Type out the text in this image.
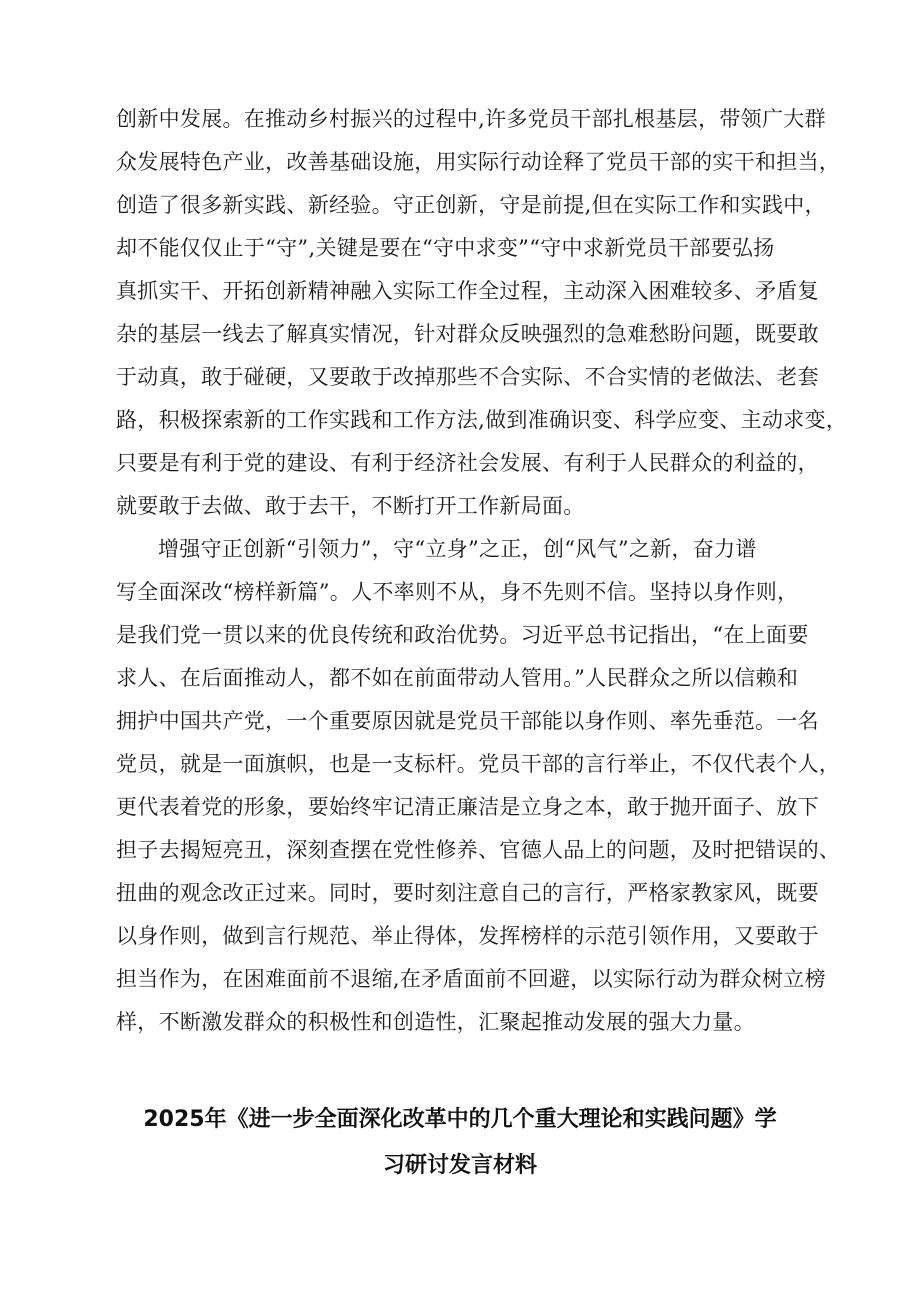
创新中发展。在推动乡村振兴的过程中,许多党员干部扎根基层，带领广大群
众发展特色产业，改善基础设施，用实际行动诠释了党员干部的实干和担当，
创造了很多新实践、新经验。守正创新，守是前提,但在实际工作和实践中，
却不能仅仅止于“守”,关键是要在“守中求变”“守中求新党员干部要弘扬
真抓实干、开拓创新精神融入实际工作全过程，主动深入困难较多、矛盾复
杂的基层一线去了解真实情况，针对群众反映强烈的急难愁盼问题，既要敢
于动真，敢于碰硬，又要敢于改掉那些不合实际、不合实情的老做法、老套
路，积极探索新的工作实践和工作方法,做到准确识变、科学应变、主动求变，
只要是有利于党的建设、有利于经济社会发展、有利于人民群众的利益的，
就要敢于去做、敢于去干，不断打开工作新局面。
增强守正创新“引领力”，守“立身”之正，创“风气”之新，奋力谱
写全面深改“榜样新篇”。人不率则不从，身不先则不信。坚持以身作则，
是我们党一贯以来的优良传统和政治优势。习近平总书记指出，“在上面要
求人、在后面推动人，都不如在前面带动人管用。”人民群众之所以信赖和
拥护中国共产党，一个重要原因就是党员干部能以身作则、率先垂范。一名
党员，就是一面旗帜，也是一支标杆。党员干部的言行举止，不仅代表个人，
更代表着党的形象，要始终牢记清正廉洁是立身之本，敢于抛开面子、放下
担子去揭短亮丑，深刻查摆在党性修养、官德人品上的问题，及时把错误的、
扭曲的观念改正过来。同时，要时刻注意自己的言行，严格家教家风，既要
以身作则，做到言行规范、举止得体，发挥榜样的示范引领作用，又要敢于
担当作为，在困难面前不退缩,在矛盾面前不回避，以实际行动为群众树立榜
样，不断激发群众的积极性和创造性，汇聚起推动发展的强大力量。
2025年《进一步全面深化改革中的几个重大理论和实践问题》学
习研讨发言材料
